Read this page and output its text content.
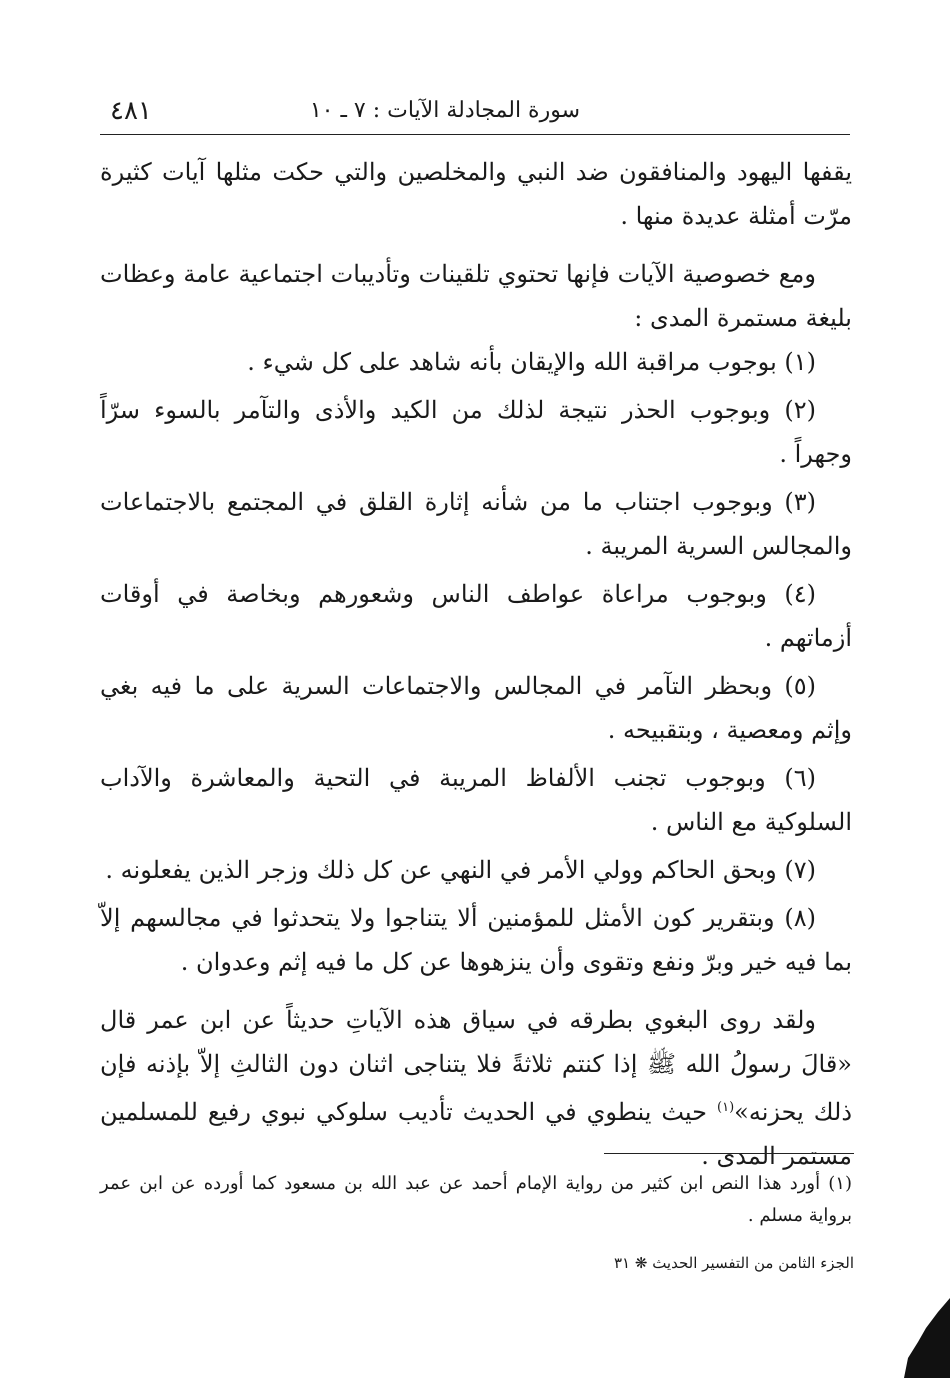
سورة المجادلة الآيات : ٧ ـ ١٠
٤٨١

يقفها اليهود والمنافقون ضد النبي والمخلصين والتي حكت مثلها آيات كثيرة مرّت أمثلة عديدة منها .

ومع خصوصية الآيات فإنها تحتوي تلقينات وتأديبات اجتماعية عامة وعظات بليغة مستمرة المدى :

(١) بوجوب مراقبة الله والإيقان بأنه شاهد على كل شيء .

(٢) وبوجوب الحذر نتيجة لذلك من الكيد والأذى والتآمر بالسوء سرّاً وجهراً .

(٣) وبوجوب اجتناب ما من شأنه إثارة القلق في المجتمع بالاجتماعات والمجالس السرية المريبة .

(٤) وبوجوب مراعاة عواطف الناس وشعورهم وبخاصة في أوقات أزماتهم .

(٥) وبحظر التآمر في المجالس والاجتماعات السرية على ما فيه بغي وإثم ومعصية ، وبتقبيحه .

(٦) وبوجوب تجنب الألفاظ المريبة في التحية والمعاشرة والآداب السلوكية مع الناس .

(٧) وبحق الحاكم وولي الأمر في النهي عن كل ذلك وزجر الذين يفعلونه .

(٨) وبتقرير كون الأمثل للمؤمنين ألا يتناجوا ولا يتحدثوا في مجالسهم إلاّ بما فيه خير وبرّ ونفع وتقوى وأن ينزهوها عن كل ما فيه إثم وعدوان .

ولقد روى البغوي بطرقه في سياق هذه الآياتِ حديثاً عن ابن عمر قال «قالَ رسولُ الله ﷺ إذا كنتم ثلاثةً فلا يتناجى اثنان دون الثالثِ إلاّ بإذنه فإن ذلك يحزنه»$^{(١)}$ حيث ينطوي في الحديث تأديب سلوكي نبوي رفيع للمسلمين مستمر المدى .

(١) أورد هذا النص ابن كثير من رواية الإمام أحمد عن عبد الله بن مسعود كما أورده عن ابن عمر برواية مسلم .

الجزء الثامن من التفسير الحديث ❋ ٣١
